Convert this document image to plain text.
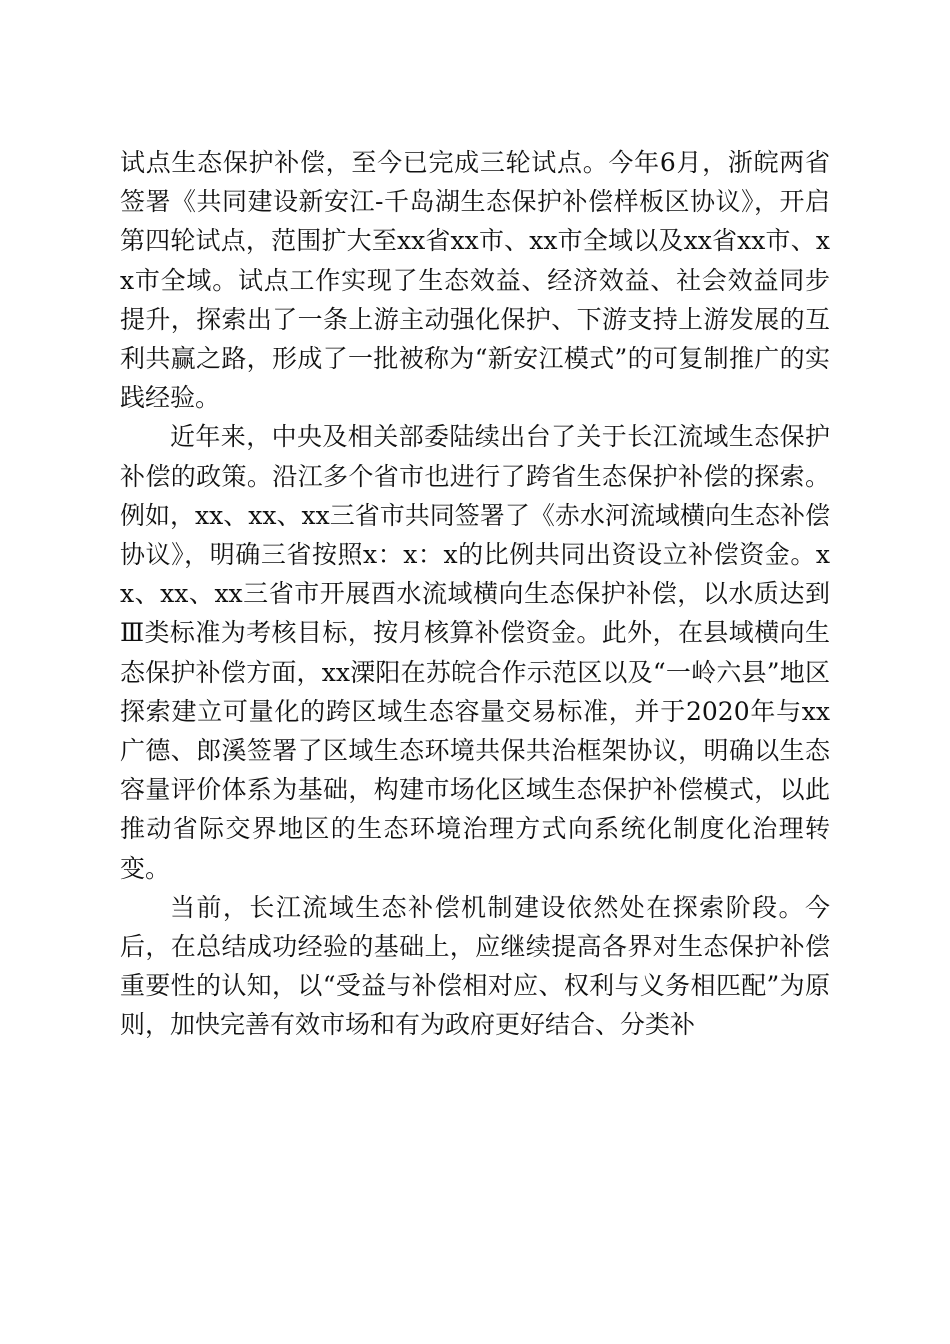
试点生态保护补偿，至今已完成三轮试点。今年6月，浙皖两省签署《共同建设新安江-千岛湖生态保护补偿样板区协议》，开启第四轮试点，范围扩大至xx省xx市、xx市全域以及xx省xx市、xx市全域。试点工作实现了生态效益、经济效益、社会效益同步提升，探索出了一条上游主动强化保护、下游支持上游发展的互利共赢之路，形成了一批被称为“新安江模式”的可复制推广的实践经验。

近年来，中央及相关部委陆续出台了关于长江流域生态保护补偿的政策。沿江多个省市也进行了跨省生态保护补偿的探索。例如，xx、xx、xx三省市共同签署了《赤水河流域横向生态补偿协议》，明确三省按照x：x：x的比例共同出资设立补偿资金。xx、xx、xx三省市开展酉水流域横向生态保护补偿，以水质达到Ⅲ类标准为考核目标，按月核算补偿资金。此外，在县域横向生态保护补偿方面，xx溧阳在苏皖合作示范区以及“一岭六县”地区探索建立可量化的跨区域生态容量交易标准，并于2020年与xx广德、郎溪签署了区域生态环境共保共治框架协议，明确以生态容量评价体系为基础，构建市场化区域生态保护补偿模式，以此推动省际交界地区的生态环境治理方式向系统化制度化治理转变。

当前，长江流域生态补偿机制建设依然处在探索阶段。今后，在总结成功经验的基础上，应继续提高各界对生态保护补偿重要性的认知，以“受益与补偿相对应、权利与义务相匹配”为原则，加快完善有效市场和有为政府更好结合、分类补
